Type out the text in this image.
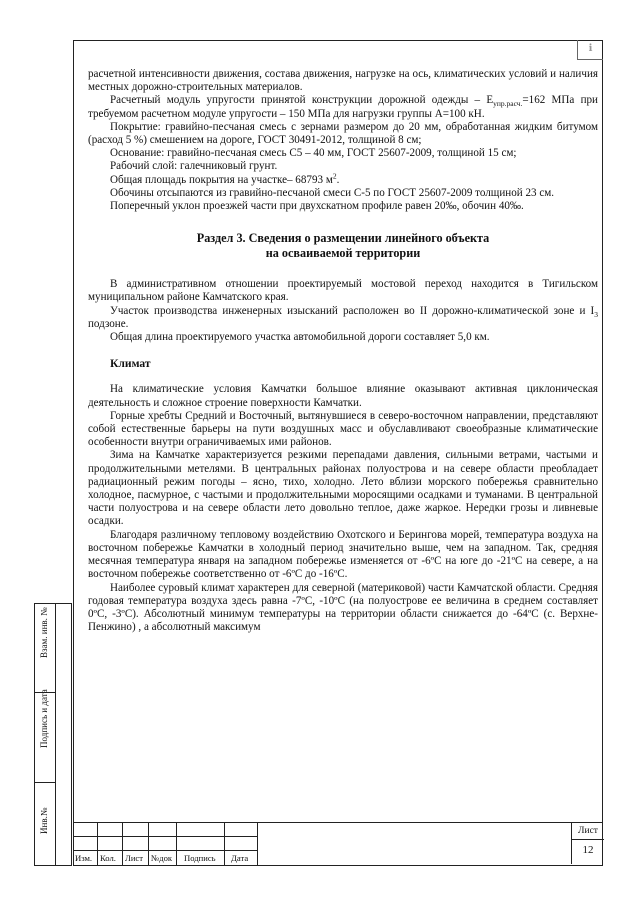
ℹ

расчетной интенсивности движения, состава движения, нагрузке на ось, климатических условий и наличия местных дорожно-строительных материалов.

Расчетный модуль упругости принятой конструкции дорожной одежды – $Е_{упр.расч.}=162$ МПа при требуемом расчетном модуле упругости – 150 МПа для нагрузки группы А=100 кН.

Покрытие: гравийно-песчаная смесь с зернами размером до 20 мм, обработанная жидким битумом (расход 5 %) смешением на дороге, ГОСТ 30491-2012, толщиной 8 см;

Основание: гравийно-песчаная смесь С5 – 40 мм, ГОСТ 25607-2009, толщиной 15 см;

Рабочий слой: галечниковый грунт.

Общая площадь покрытия на участке– 68793 $м^2$.

Обочины отсыпаются из гравийно-песчаной смеси С-5 по ГОСТ 25607-2009 толщиной 23 см.

Поперечный уклон проезжей части при двухскатном профиле равен 20‰, обочин 40‰.

Раздел 3. Сведения о размещении линейного объекта

на осваиваемой территории

В административном отношении проектируемый мостовой переход находится в Тигильском муниципальном районе Камчатского края.

Участок производства инженерных изысканий расположен во II дорожно-климатической зоне и $I_3$ подзоне.

Общая длина проектируемого участка автомобильной дороги составляет 5,0 км.

Климат

На климатические условия Камчатки большое влияние оказывают активная циклоническая деятельность и сложное строение поверхности Камчатки.

Горные хребты Средний и Восточный, вытянувшиеся в северо-восточном направлении, представляют собой естественные барьеры на пути воздушных масс и обуславливают своеобразные климатические особенности внутри ограничиваемых ими районов.

Зима на Камчатке характеризуется резкими перепадами давления, сильными ветрами, частыми и продолжительными метелями. В центральных районах полуострова и на севере области преобладает радиационный режим погоды – ясно, тихо, холодно. Лето вблизи морского побережья сравнительно холодное, пасмурное, с частыми и продолжительными моросящими осадками и туманами. В центральной части полуострова и на севере области лето довольно теплое, даже жаркое. Нередки грозы и ливневые осадки.

Благодаря различному тепловому воздействию Охотского и Берингова морей, температура воздуха на восточном побережье Камчатки в холодный период значительно выше, чем на западном. Так, средняя месячная температура января на западном побережье изменяется от -6ºС на юге до -21ºС на севере, а на восточном побережье соответственно от -6ºС до -16ºС.

Наиболее суровый климат характерен для северной (материковой) части Камчатской области. Средняя годовая температура воздуха здесь равна -7ºС, -10ºС (на полуострове ее величина в среднем составляет 0ºС, -3ºС). Абсолютный минимум температуры на территории области снижается до -64ºС (с. Верхне-Пенжино) , а абсолютный максимум

Взам. инв. №
Подпись и дата
Инв.№
Изм. Кол. Лист №док Подпись Дата
Лист
12
